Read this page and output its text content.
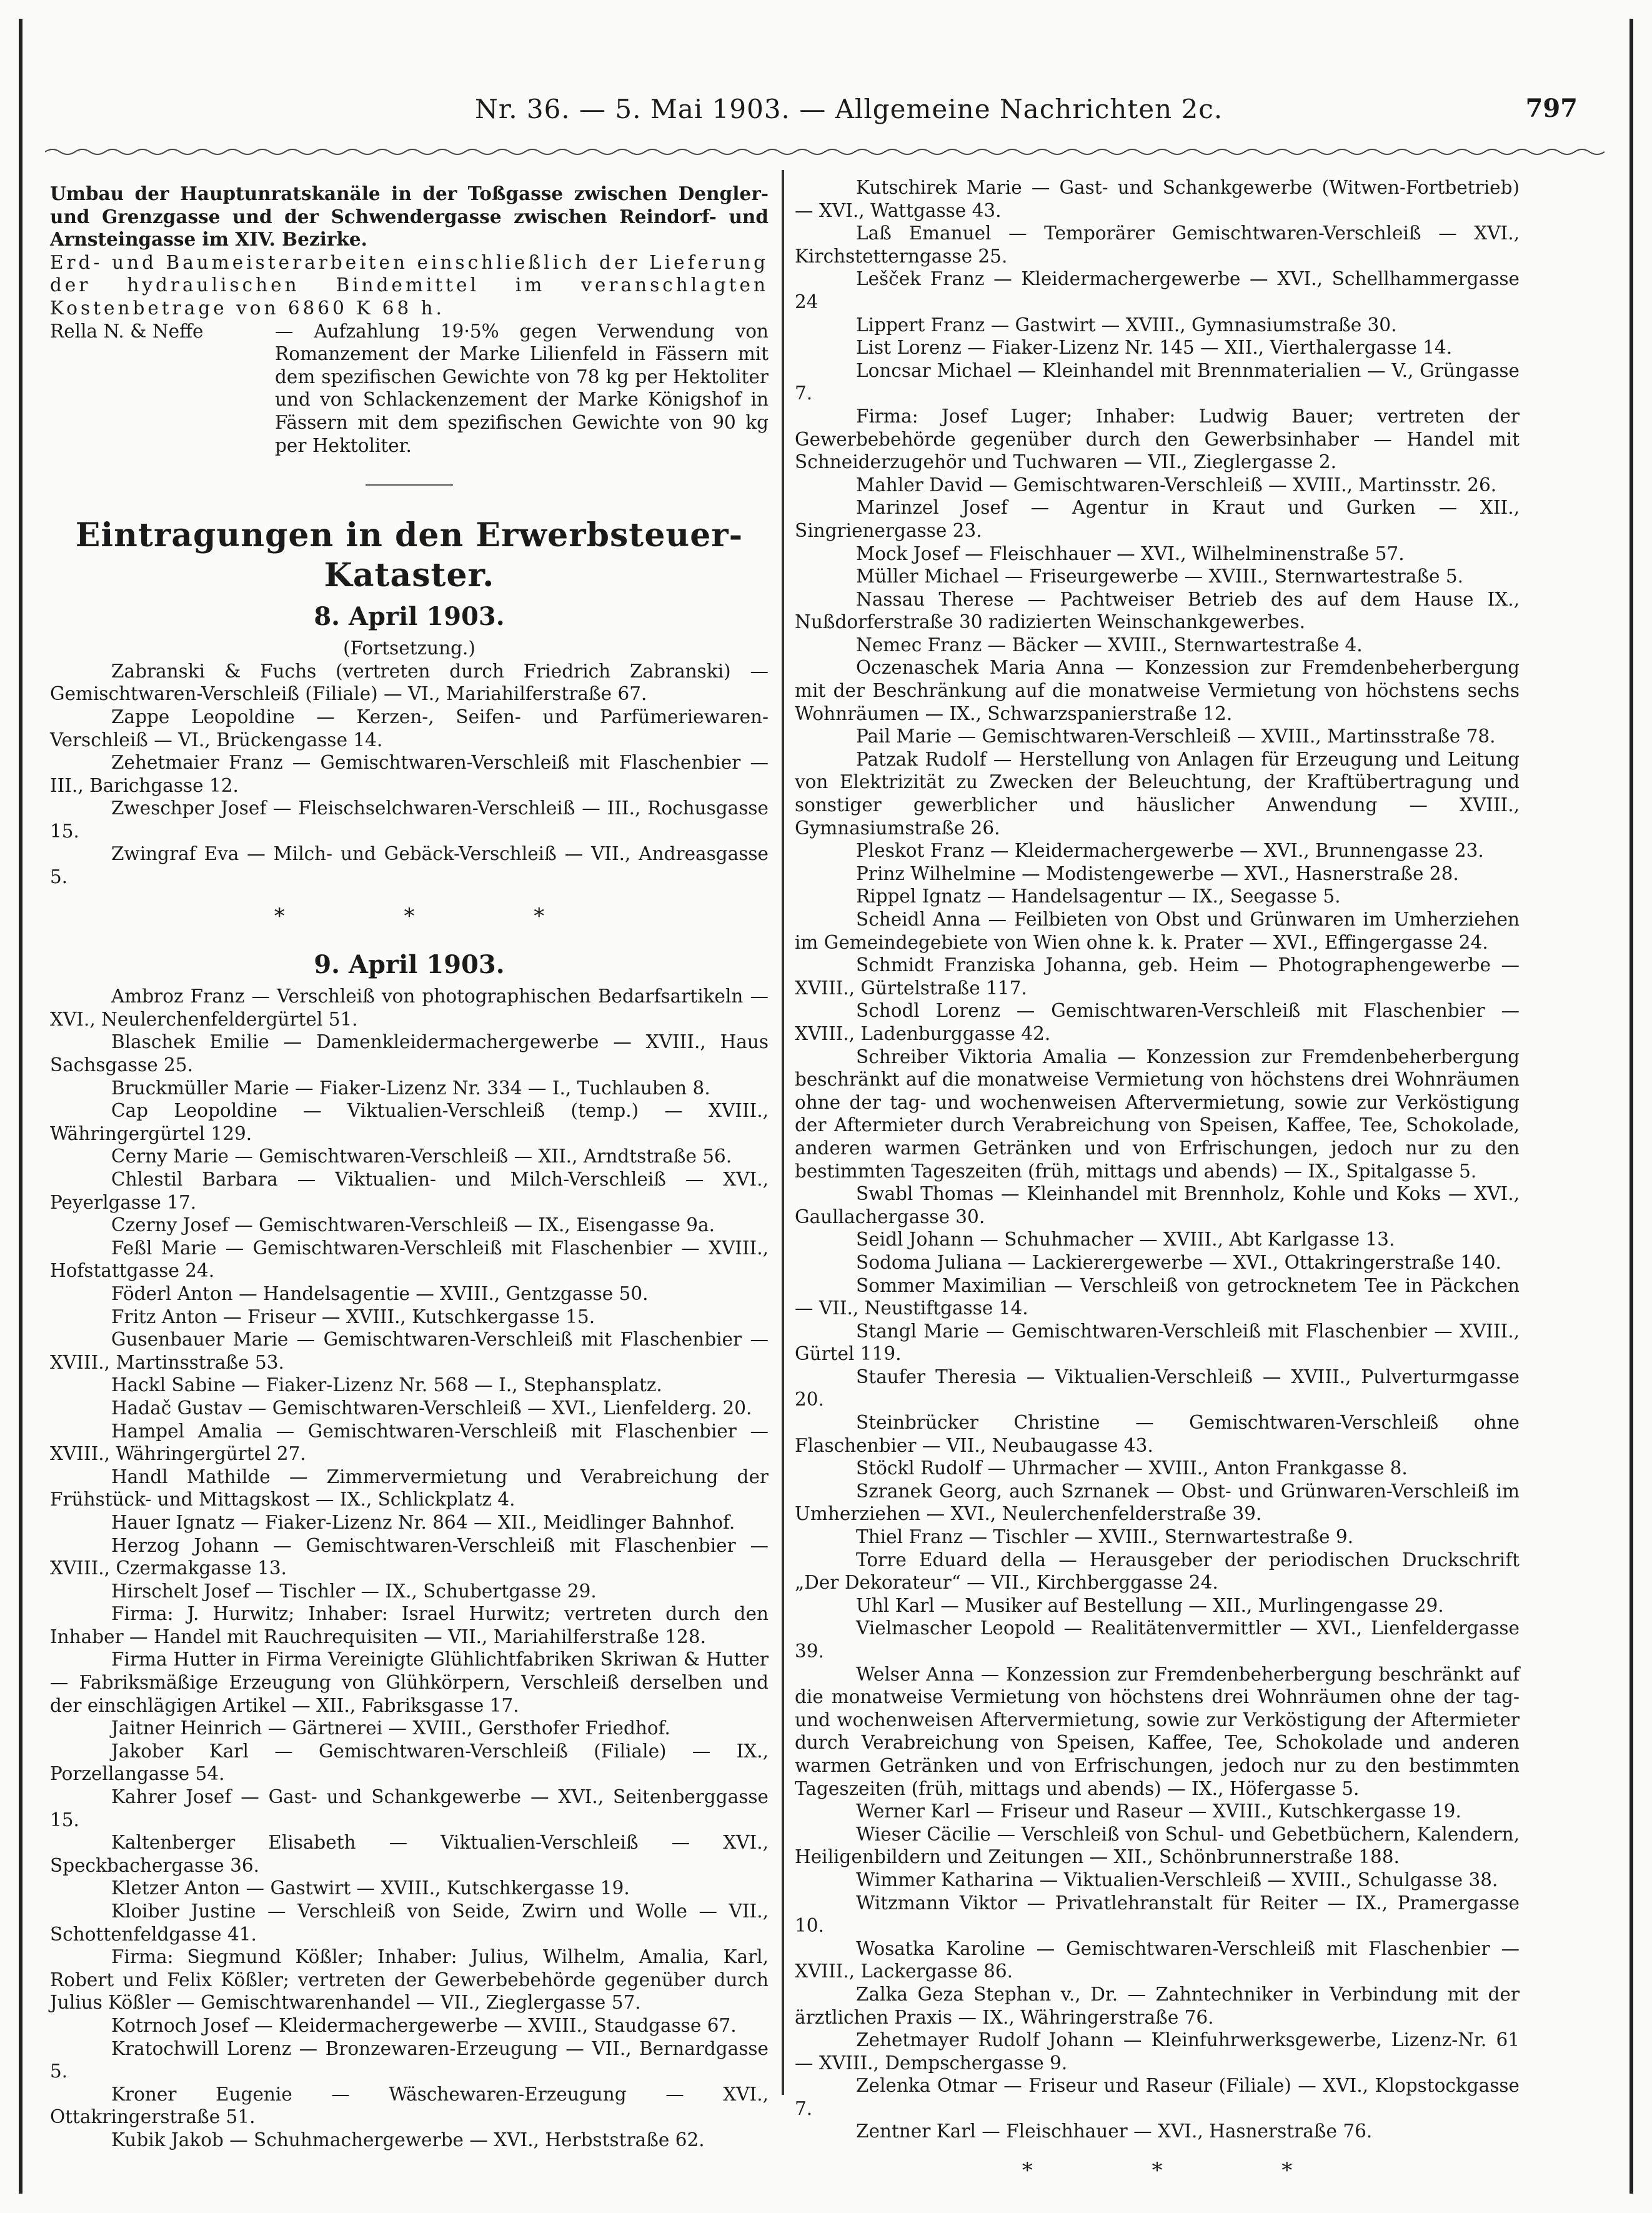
Nr. 36. — 5. Mai 1903. — Allgemeine Nachrichten 2c.	797

Umbau der Hauptunratskanäle in der Toßgasse zwischen Dengler- und Grenzgasse und der Schwendergasse zwischen Reindorf- und Arnsteingasse im XIV. Bezirke.

Erd- und Baumeisterarbeiten einschließlich der Lieferung der hydraulischen Bindemittel im veranschlagten Kostenbetrage von 6860 K 68 h.

Rella N. & Neffe	— Aufzahlung 19·5% gegen Verwendung von Romanzement der Marke Lilienfeld in Fässern mit dem spezifischen Gewichte von 78 kg per Hektoliter und von Schlackenzement der Marke Königshof in Fässern mit dem spezifischen Gewichte von 90 kg per Hektoliter.
Eintragungen in den Erwerbsteuer-Kataster.
8. April 1903.

(Fortsetzung.)

Zabranski & Fuchs (vertreten durch Friedrich Zabranski) — Gemischtwaren-Verschleiß (Filiale) — VI., Mariahilferstraße 67.

Zappe Leopoldine — Kerzen-, Seifen- und Parfümeriewaren-Verschleiß — VI., Brückengasse 14.

Zehetmaier Franz — Gemischtwaren-Verschleiß mit Flaschenbier — III., Barichgasse 12.

Zweschper Josef — Fleischselchwaren-Verschleiß — III., Rochusgasse 15.

Zwingraf Eva — Milch- und Gebäck-Verschleiß — VII., Andreasgasse 5.

* * *
9. April 1903.

Ambroz Franz — Verschleiß von photographischen Bedarfsartikeln — XVI., Neulerchenfeldergürtel 51.

Blaschek Emilie — Damenkleidermachergewerbe — XVIII., Haus Sachsgasse 25.

Bruckmüller Marie — Fiaker-Lizenz Nr. 334 — I., Tuchlauben 8.

Cap Leopoldine — Viktualien-Verschleiß (temp.) — XVIII., Währingergürtel 129.

Cerny Marie — Gemischtwaren-Verschleiß — XII., Arndtstraße 56.

Chlestil Barbara — Viktualien- und Milch-Verschleiß — XVI., Peyerlgasse 17.

Czerny Josef — Gemischtwaren-Verschleiß — IX., Eisengasse 9a.

Feßl Marie — Gemischtwaren-Verschleiß mit Flaschenbier — XVIII., Hofstattgasse 24.

Föderl Anton — Handelsagentie — XVIII., Gentzgasse 50.

Fritz Anton — Friseur — XVIII., Kutschkergasse 15.

Gusenbauer Marie — Gemischtwaren-Verschleiß mit Flaschenbier — XVIII., Martinsstraße 53.

Hackl Sabine — Fiaker-Lizenz Nr. 568 — I., Stephansplatz.

Hadač Gustav — Gemischtwaren-Verschleiß — XVI., Lienfelderg. 20.

Hampel Amalia — Gemischtwaren-Verschleiß mit Flaschenbier — XVIII., Währingergürtel 27.

Handl Mathilde — Zimmervermietung und Verabreichung der Frühstück- und Mittagskost — IX., Schlickplatz 4.

Hauer Ignatz — Fiaker-Lizenz Nr. 864 — XII., Meidlinger Bahnhof.

Herzog Johann — Gemischtwaren-Verschleiß mit Flaschenbier — XVIII., Czermakgasse 13.

Hirschelt Josef — Tischler — IX., Schubertgasse 29.

Firma: J. Hurwitz; Inhaber: Israel Hurwitz; vertreten durch den Inhaber — Handel mit Rauchrequisiten — VII., Mariahilferstraße 128.

Firma Hutter in Firma Vereinigte Glühlichtfabriken Skriwan & Hutter — Fabriksmäßige Erzeugung von Glühkörpern, Verschleiß derselben und der einschlägigen Artikel — XII., Fabriksgasse 17.

Jaitner Heinrich — Gärtnerei — XVIII., Gersthofer Friedhof.

Jakober Karl — Gemischtwaren-Verschleiß (Filiale) — IX., Porzellangasse 54.

Kahrer Josef — Gast- und Schankgewerbe — XVI., Seitenberggasse 15.

Kaltenberger Elisabeth — Viktualien-Verschleiß — XVI., Speckbachergasse 36.

Kletzer Anton — Gastwirt — XVIII., Kutschkergasse 19.

Kloiber Justine — Verschleiß von Seide, Zwirn und Wolle — VII., Schottenfeldgasse 41.

Firma: Siegmund Kößler; Inhaber: Julius, Wilhelm, Amalia, Karl, Robert und Felix Kößler; vertreten der Gewerbebehörde gegenüber durch Julius Kößler — Gemischtwarenhandel — VII., Zieglergasse 57.

Kotrnoch Josef — Kleidermachergewerbe — XVIII., Staudgasse 67.

Kratochwill Lorenz — Bronzewaren-Erzeugung — VII., Bernardgasse 5.

Kroner Eugenie — Wäschewaren-Erzeugung — XVI., Ottakringerstraße 51.

Kubik Jakob — Schuhmachergewerbe — XVI., Herbststraße 62.

Kutschirek Marie — Gast- und Schankgewerbe (Witwen-Fortbetrieb) — XVI., Wattgasse 43.

Laß Emanuel — Temporärer Gemischtwaren-Verschleiß — XVI., Kirchstetterngasse 25.

Lešček Franz — Kleidermachergewerbe — XVI., Schellhammergasse 24

Lippert Franz — Gastwirt — XVIII., Gymnasiumstraße 30.

List Lorenz — Fiaker-Lizenz Nr. 145 — XII., Vierthalergasse 14.

Loncsar Michael — Kleinhandel mit Brennmaterialien — V., Grüngasse 7.

Firma: Josef Luger; Inhaber: Ludwig Bauer; vertreten der Gewerbebehörde gegenüber durch den Gewerbsinhaber — Handel mit Schneiderzugehör und Tuchwaren — VII., Zieglergasse 2.

Mahler David — Gemischtwaren-Verschleiß — XVIII., Martinsstr. 26.

Marinzel Josef — Agentur in Kraut und Gurken — XII., Singrienergasse 23.

Mock Josef — Fleischhauer — XVI., Wilhelminenstraße 57.

Müller Michael — Friseurgewerbe — XVIII., Sternwartestraße 5.

Nassau Therese — Pachtweiser Betrieb des auf dem Hause IX., Nußdorferstraße 30 radizierten Weinschankgewerbes.

Nemec Franz — Bäcker — XVIII., Sternwartestraße 4.

Oczenaschek Maria Anna — Konzession zur Fremdenbeherbergung mit der Beschränkung auf die monatweise Vermietung von höchstens sechs Wohnräumen — IX., Schwarzspanierstraße 12.

Pail Marie — Gemischtwaren-Verschleiß — XVIII., Martinsstraße 78.

Patzak Rudolf — Herstellung von Anlagen für Erzeugung und Leitung von Elektrizität zu Zwecken der Beleuchtung, der Kraftübertragung und sonstiger gewerblicher und häuslicher Anwendung — XVIII., Gymnasiumstraße 26.

Pleskot Franz — Kleidermachergewerbe — XVI., Brunnengasse 23.

Prinz Wilhelmine — Modistengewerbe — XVI., Hasnerstraße 28.

Rippel Ignatz — Handelsagentur — IX., Seegasse 5.

Scheidl Anna — Feilbieten von Obst und Grünwaren im Umherziehen im Gemeindegebiete von Wien ohne k. k. Prater — XVI., Effingergasse 24.

Schmidt Franziska Johanna, geb. Heim — Photographengewerbe — XVIII., Gürtelstraße 117.

Schodl Lorenz — Gemischtwaren-Verschleiß mit Flaschenbier — XVIII., Ladenburggasse 42.

Schreiber Viktoria Amalia — Konzession zur Fremdenbeherbergung beschränkt auf die monatweise Vermietung von höchstens drei Wohnräumen ohne der tag- und wochenweisen Aftervermietung, sowie zur Verköstigung der Aftermieter durch Verabreichung von Speisen, Kaffee, Tee, Schokolade, anderen warmen Getränken und von Erfrischungen, jedoch nur zu den bestimmten Tageszeiten (früh, mittags und abends) — IX., Spitalgasse 5.

Swabl Thomas — Kleinhandel mit Brennholz, Kohle und Koks — XVI., Gaullachergasse 30.

Seidl Johann — Schuhmacher — XVIII., Abt Karlgasse 13.

Sodoma Juliana — Lackierergewerbe — XVI., Ottakringerstraße 140.

Sommer Maximilian — Verschleiß von getrocknetem Tee in Päckchen — VII., Neustiftgasse 14.

Stangl Marie — Gemischtwaren-Verschleiß mit Flaschenbier — XVIII., Gürtel 119.

Staufer Theresia — Viktualien-Verschleiß — XVIII., Pulverturmgasse 20.

Steinbrücker Christine — Gemischtwaren-Verschleiß ohne Flaschenbier — VII., Neubaugasse 43.

Stöckl Rudolf — Uhrmacher — XVIII., Anton Frankgasse 8.

Szranek Georg, auch Szrnanek — Obst- und Grünwaren-Verschleiß im Umherziehen — XVI., Neulerchenfelderstraße 39.

Thiel Franz — Tischler — XVIII., Sternwartestraße 9.

Torre Eduard della — Herausgeber der periodischen Druckschrift „Der Dekorateur“ — VII., Kirchberggasse 24.

Uhl Karl — Musiker auf Bestellung — XII., Murlingengasse 29.

Vielmascher Leopold — Realitätenvermittler — XVI., Lienfeldergasse 39.

Welser Anna — Konzession zur Fremdenbeherbergung beschränkt auf die monatweise Vermietung von höchstens drei Wohnräumen ohne der tag- und wochenweisen Aftervermietung, sowie zur Verköstigung der Aftermieter durch Verabreichung von Speisen, Kaffee, Tee, Schokolade und anderen warmen Getränken und von Erfrischungen, jedoch nur zu den bestimmten Tageszeiten (früh, mittags und abends) — IX., Höfergasse 5.

Werner Karl — Friseur und Raseur — XVIII., Kutschkergasse 19.

Wieser Cäcilie — Verschleiß von Schul- und Gebetbüchern, Kalendern, Heiligenbildern und Zeitungen — XII., Schönbrunnerstraße 188.

Wimmer Katharina — Viktualien-Verschleiß — XVIII., Schulgasse 38.

Witzmann Viktor — Privatlehranstalt für Reiter — IX., Pramergasse 10.

Wosatka Karoline — Gemischtwaren-Verschleiß mit Flaschenbier — XVIII., Lackergasse 86.

Zalka Geza Stephan v., Dr. — Zahntechniker in Verbindung mit der ärztlichen Praxis — IX., Währingerstraße 76.

Zehetmayer Rudolf Johann — Kleinfuhrwerksgewerbe, Lizenz-Nr. 61 — XVIII., Dempschergasse 9.

Zelenka Otmar — Friseur und Raseur (Filiale) — XVI., Klopstockgasse 7.

Zentner Karl — Fleischhauer — XVI., Hasnerstraße 76.

* * *
